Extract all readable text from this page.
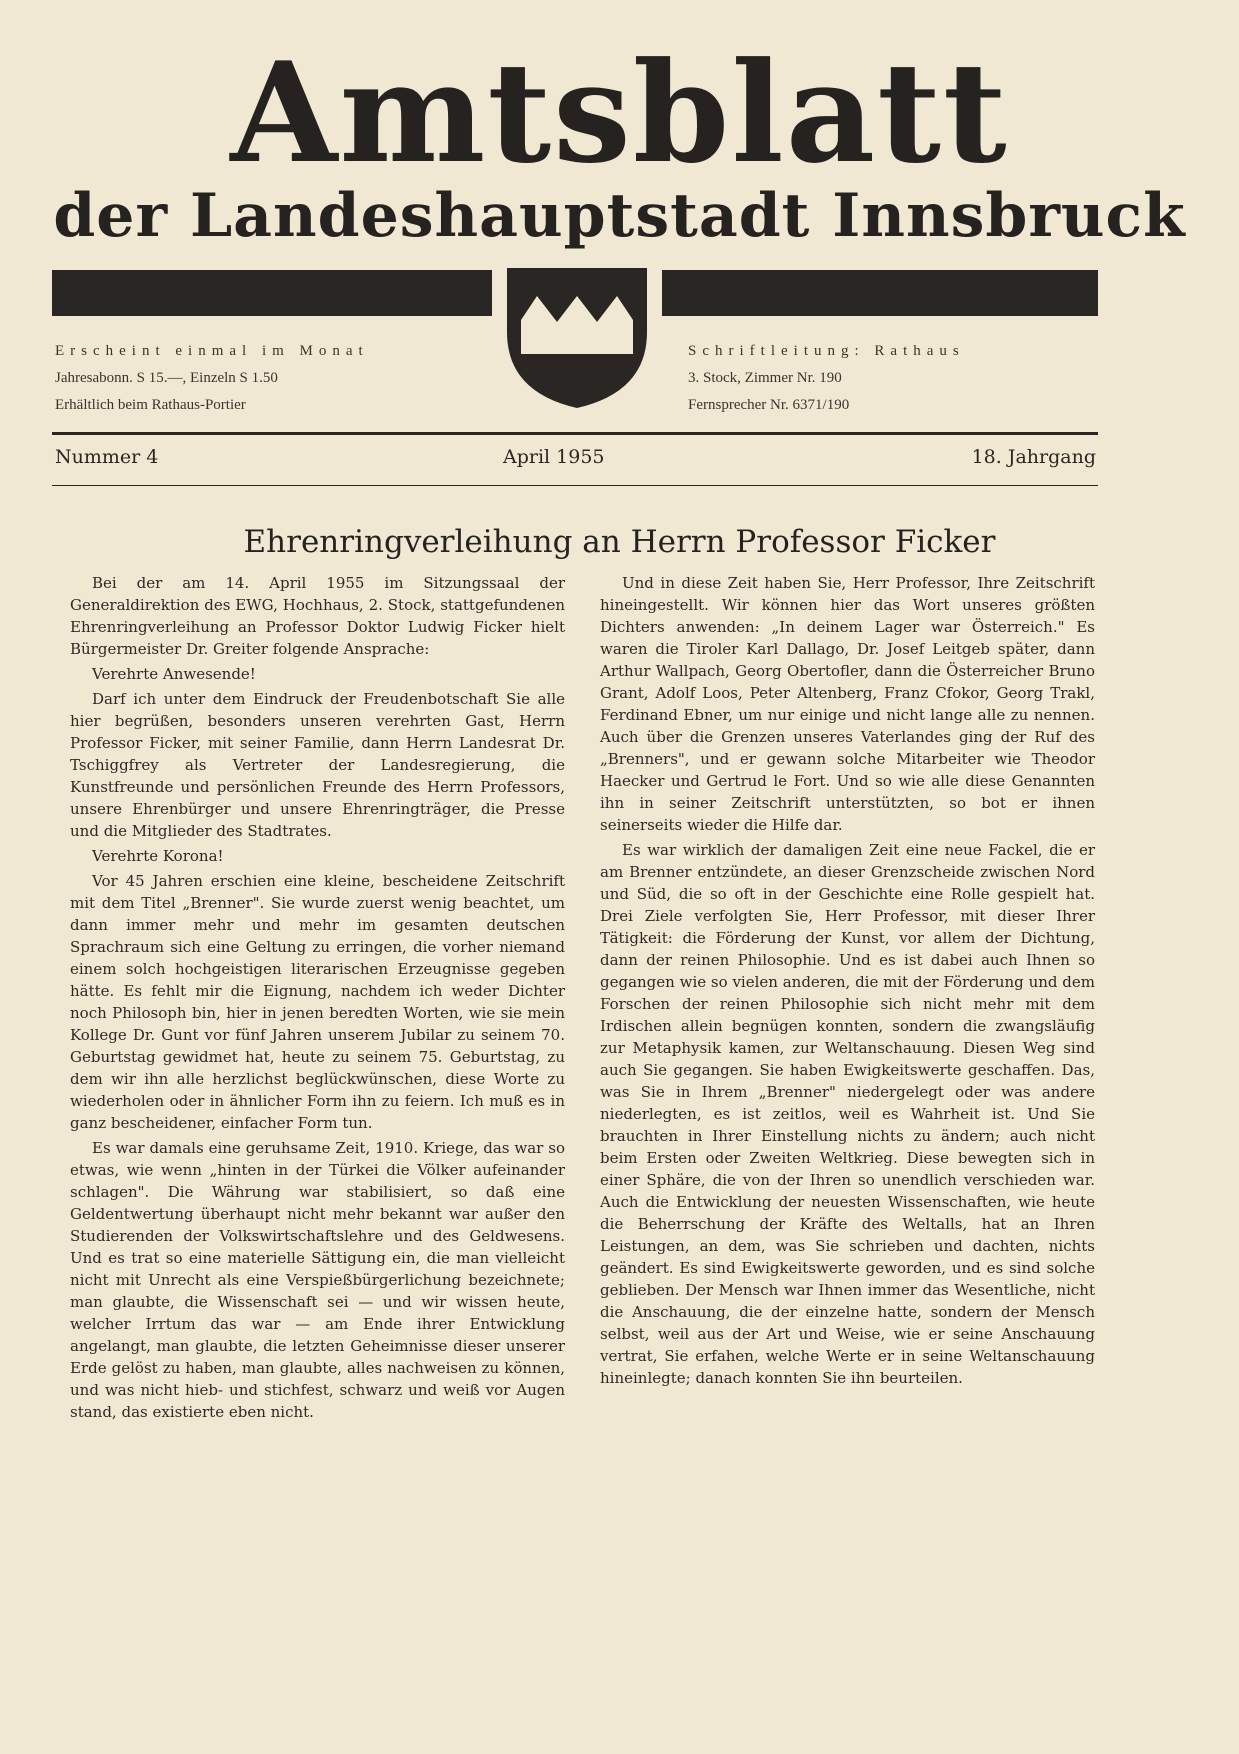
Amtsblatt
der Landeshauptstadt Innsbruck
Erscheint einmal im Monat
Jahresabonn. S 15.—, Einzeln S 1.50
Erhältlich beim Rathaus-Portier
Schriftleitung: Rathaus
3. Stock, Zimmer Nr. 190
Fernsprecher Nr. 6371/190
Nummer 4	April 1955	18. Jahrgang
Ehrenringverleihung an Herrn Professor Ficker

Bei der am 14. April 1955 im Sitzungssaal der Generaldirektion des EWG, Hochhaus, 2. Stock, stattgefundenen Ehrenringverleihung an Professor Doktor Ludwig Ficker hielt Bürgermeister Dr. Greiter folgende Ansprache:

Verehrte Anwesende!

Darf ich unter dem Eindruck der Freudenbotschaft Sie alle hier begrüßen, besonders unseren verehrten Gast, Herrn Professor Ficker, mit seiner Familie, dann Herrn Landesrat Dr. Tschiggfrey als Vertreter der Landesregierung, die Kunstfreunde und persönlichen Freunde des Herrn Professors, unsere Ehrenbürger und unsere Ehrenringträger, die Presse und die Mitglieder des Stadtrates.

Verehrte Korona!

Vor 45 Jahren erschien eine kleine, bescheidene Zeitschrift mit dem Titel „Brenner". Sie wurde zuerst wenig beachtet, um dann immer mehr und mehr im gesamten deutschen Sprachraum sich eine Geltung zu erringen, die vorher niemand einem solch hochgeistigen literarischen Erzeugnisse gegeben hätte. Es fehlt mir die Eignung, nachdem ich weder Dichter noch Philosoph bin, hier in jenen beredten Worten, wie sie mein Kollege Dr. Gunt vor fünf Jahren unserem Jubilar zu seinem 70. Geburtstag gewidmet hat, heute zu seinem 75. Geburtstag, zu dem wir ihn alle herzlichst beglückwünschen, diese Worte zu wiederholen oder in ähnlicher Form ihn zu feiern. Ich muß es in ganz bescheidener, einfacher Form tun.

Es war damals eine geruhsame Zeit, 1910. Kriege, das war so etwas, wie wenn „hinten in der Türkei die Völker aufeinander schlagen". Die Währung war stabilisiert, so daß eine Geldentwertung überhaupt nicht mehr bekannt war außer den Studierenden der Volkswirtschaftslehre und des Geldwesens. Und es trat so eine materielle Sättigung ein, die man vielleicht nicht mit Unrecht als eine Verspießbürgerlichung bezeichnete; man glaubte, die Wissenschaft sei — und wir wissen heute, welcher Irrtum das war — am Ende ihrer Entwicklung angelangt, man glaubte, die letzten Geheimnisse dieser unserer Erde gelöst zu haben, man glaubte, alles nachweisen zu können, und was nicht hieb- und stichfest, schwarz und weiß vor Augen stand, das existierte eben nicht.

Und in diese Zeit haben Sie, Herr Professor, Ihre Zeitschrift hineingestellt. Wir können hier das Wort unseres größten Dichters anwenden: „In deinem Lager war Österreich." Es waren die Tiroler Karl Dallago, Dr. Josef Leitgeb später, dann Arthur Wallpach, Georg Obertofler, dann die Österreicher Bruno Grant, Adolf Loos, Peter Altenberg, Franz Cfokor, Georg Trakl, Ferdinand Ebner, um nur einige und nicht lange alle zu nennen. Auch über die Grenzen unseres Vaterlandes ging der Ruf des „Brenners", und er gewann solche Mitarbeiter wie Theodor Haecker und Gertrud le Fort. Und so wie alle diese Genannten ihn in seiner Zeitschrift unterstützten, so bot er ihnen seinerseits wieder die Hilfe dar.

Es war wirklich der damaligen Zeit eine neue Fackel, die er am Brenner entzündete, an dieser Grenzscheide zwischen Nord und Süd, die so oft in der Geschichte eine Rolle gespielt hat. Drei Ziele verfolgten Sie, Herr Professor, mit dieser Ihrer Tätigkeit: die Förderung der Kunst, vor allem der Dichtung, dann der reinen Philosophie. Und es ist dabei auch Ihnen so gegangen wie so vielen anderen, die mit der Förderung und dem Forschen der reinen Philosophie sich nicht mehr mit dem Irdischen allein begnügen konnten, sondern die zwangsläufig zur Metaphysik kamen, zur Weltanschauung. Diesen Weg sind auch Sie gegangen. Sie haben Ewigkeitswerte geschaffen. Das, was Sie in Ihrem „Brenner" niedergelegt oder was andere niederlegten, es ist zeitlos, weil es Wahrheit ist. Und Sie brauchten in Ihrer Einstellung nichts zu ändern; auch nicht beim Ersten oder Zweiten Weltkrieg. Diese bewegten sich in einer Sphäre, die von der Ihren so unendlich verschieden war. Auch die Entwicklung der neuesten Wissenschaften, wie heute die Beherrschung der Kräfte des Weltalls, hat an Ihren Leistungen, an dem, was Sie schrieben und dachten, nichts geändert. Es sind Ewigkeitswerte geworden, und es sind solche geblieben. Der Mensch war Ihnen immer das Wesentliche, nicht die Anschauung, die der einzelne hatte, sondern der Mensch selbst, weil aus der Art und Weise, wie er seine Anschauung vertrat, Sie erfahen, welche Werte er in seine Weltanschauung hineinlegte; danach konnten Sie ihn beurteilen.
